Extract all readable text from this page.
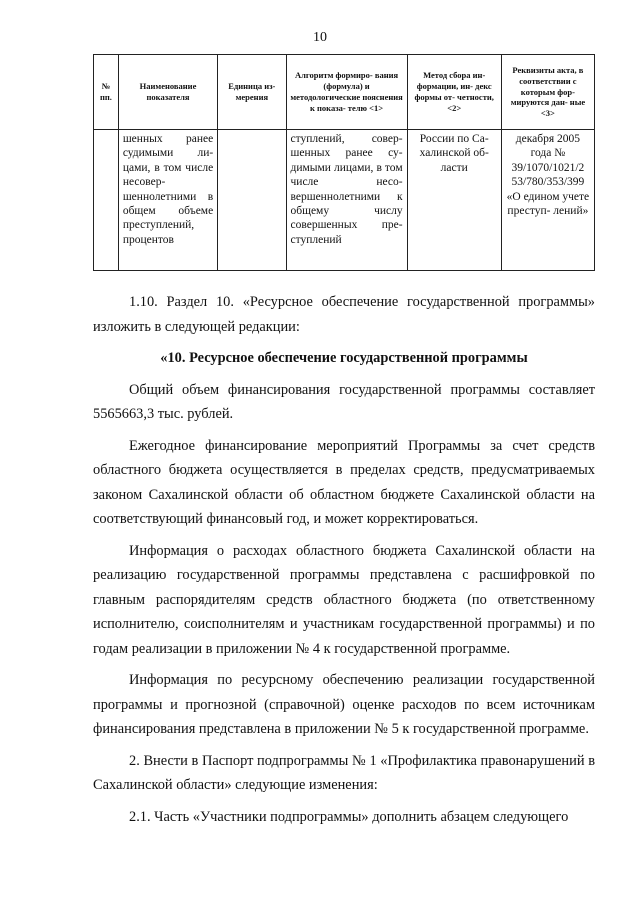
10
№ пп.	Наименование показателя	Единица из- мерения	Алгоритм формиро- вания (формула) и методологические пояснения к показа- телю <1>	Метод сбора ин- формации, ин- декс формы от- четности, <2>	Реквизиты акта, в соответствии с которым фор- мируются дан- ные <3>
	шенных ранее судимыми ли- цами, в том числе несовер- шеннолетними в общем объеме преступлений, процентов		ступлений, совер- шенных ранее су- димыми лицами, в том числе несо- вершеннолетними к общему числу совершенных пре- ступлений	России по Са- халинской об- ласти	декабря 2005 года № 39/1070/1021/2 53/780/353/399 «О едином учете преступ- лений»

1.10. Раздел 10. «Ресурсное обеспечение государственной программы» изложить в следующей редакции:

«10. Ресурсное обеспечение государственной программы

Общий объем финансирования государственной программы составляет 5565663,3 тыс. рублей.

Ежегодное финансирование мероприятий Программы за счет средств областного бюджета осуществляется в пределах средств, предусматриваемых законом Сахалинской области об областном бюджете Сахалинской области на соответствующий финансовый год, и может корректироваться.

Информация о расходах областного бюджета Сахалинской области на реализацию государственной программы представлена с расшифровкой по главным распорядителям средств областного бюджета (по ответственному исполнителю, соисполнителям и участникам государственной программы) и по годам реализации в приложении № 4 к государственной программе.

Информация по ресурсному обеспечению реализации государственной программы и прогнозной (справочной) оценке расходов по всем источникам финансирования представлена в приложении № 5 к государственной программе.

2. Внести в Паспорт подпрограммы № 1 «Профилактика правонарушений в Сахалинской области» следующие изменения:

2.1. Часть «Участники подпрограммы» дополнить абзацем следующего
